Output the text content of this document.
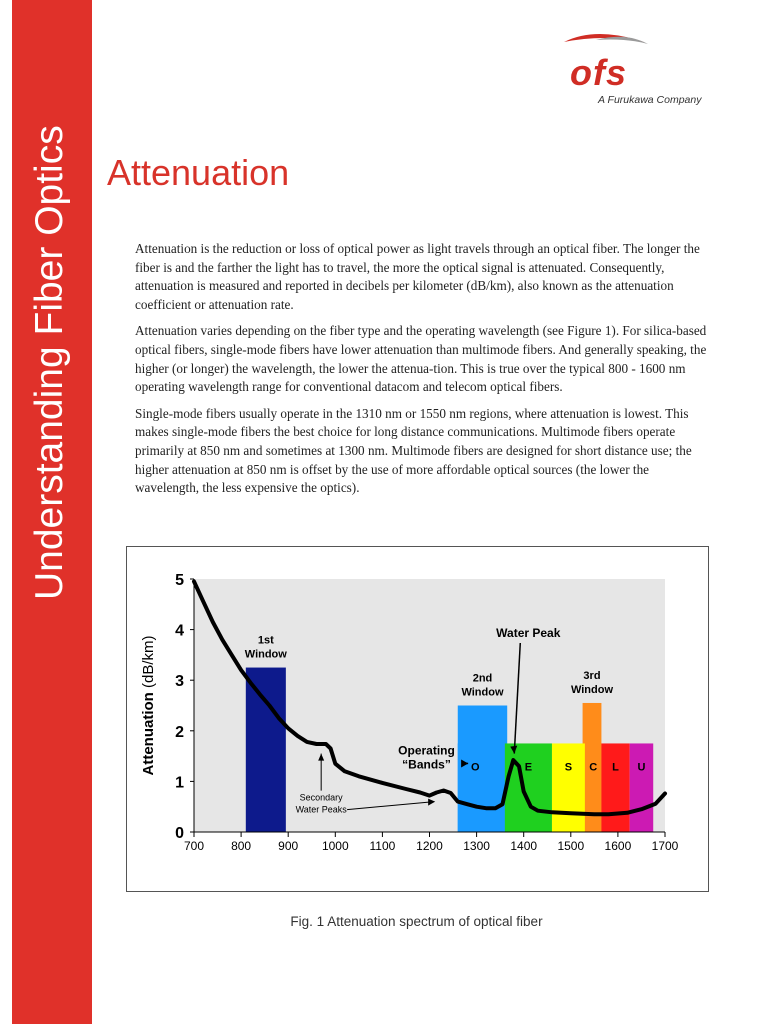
Understanding Fiber Optics
ofs
A Furukawa Company
Attenuation

Attenuation is the reduction or loss of optical power as light travels through an optical fiber. The longer the fiber is and the farther the light has to travel, the more the optical signal is attenuated. Consequently, attenuation is measured and reported in decibels per kilometer (dB/km), also known as the attenuation coefficient or attenuation rate.

Attenuation varies depending on the fiber type and the operating wavelength (see Figure 1). For silica-based optical fibers, single-mode fibers have lower attenuation than multimode fibers. And generally speaking, the higher (or longer) the wavelength, the lower the attenua-tion. This is true over the typical 800 - 1600 nm operating wavelength range for conventional datacom and telecom optical fibers.

Single-mode fibers usually operate in the 1310 nm or 1550 nm regions, where attenuation is lowest. This makes single-mode fibers the best choice for long distance communications. Multimode fibers operate primarily at 850 nm and sometimes at 1300 nm. Multimode fibers are designed for short distance use; the higher attenuation at 850 nm is offset by the use of more affordable optical sources (the lower the wavelength, the less expensive the optics).

O	E	S C L U
1st
Window
2nd
Window
3rd
Window
700 800 900 1000 1100 1200 1300 1400 1500 1600 1700
0
1
2
3
4
5
Attenuation (dB/km)
Water Peak
Operating
“Bands”
Secondary
Water Peaks
Fig. 1 Attenuation spectrum of optical fiber
